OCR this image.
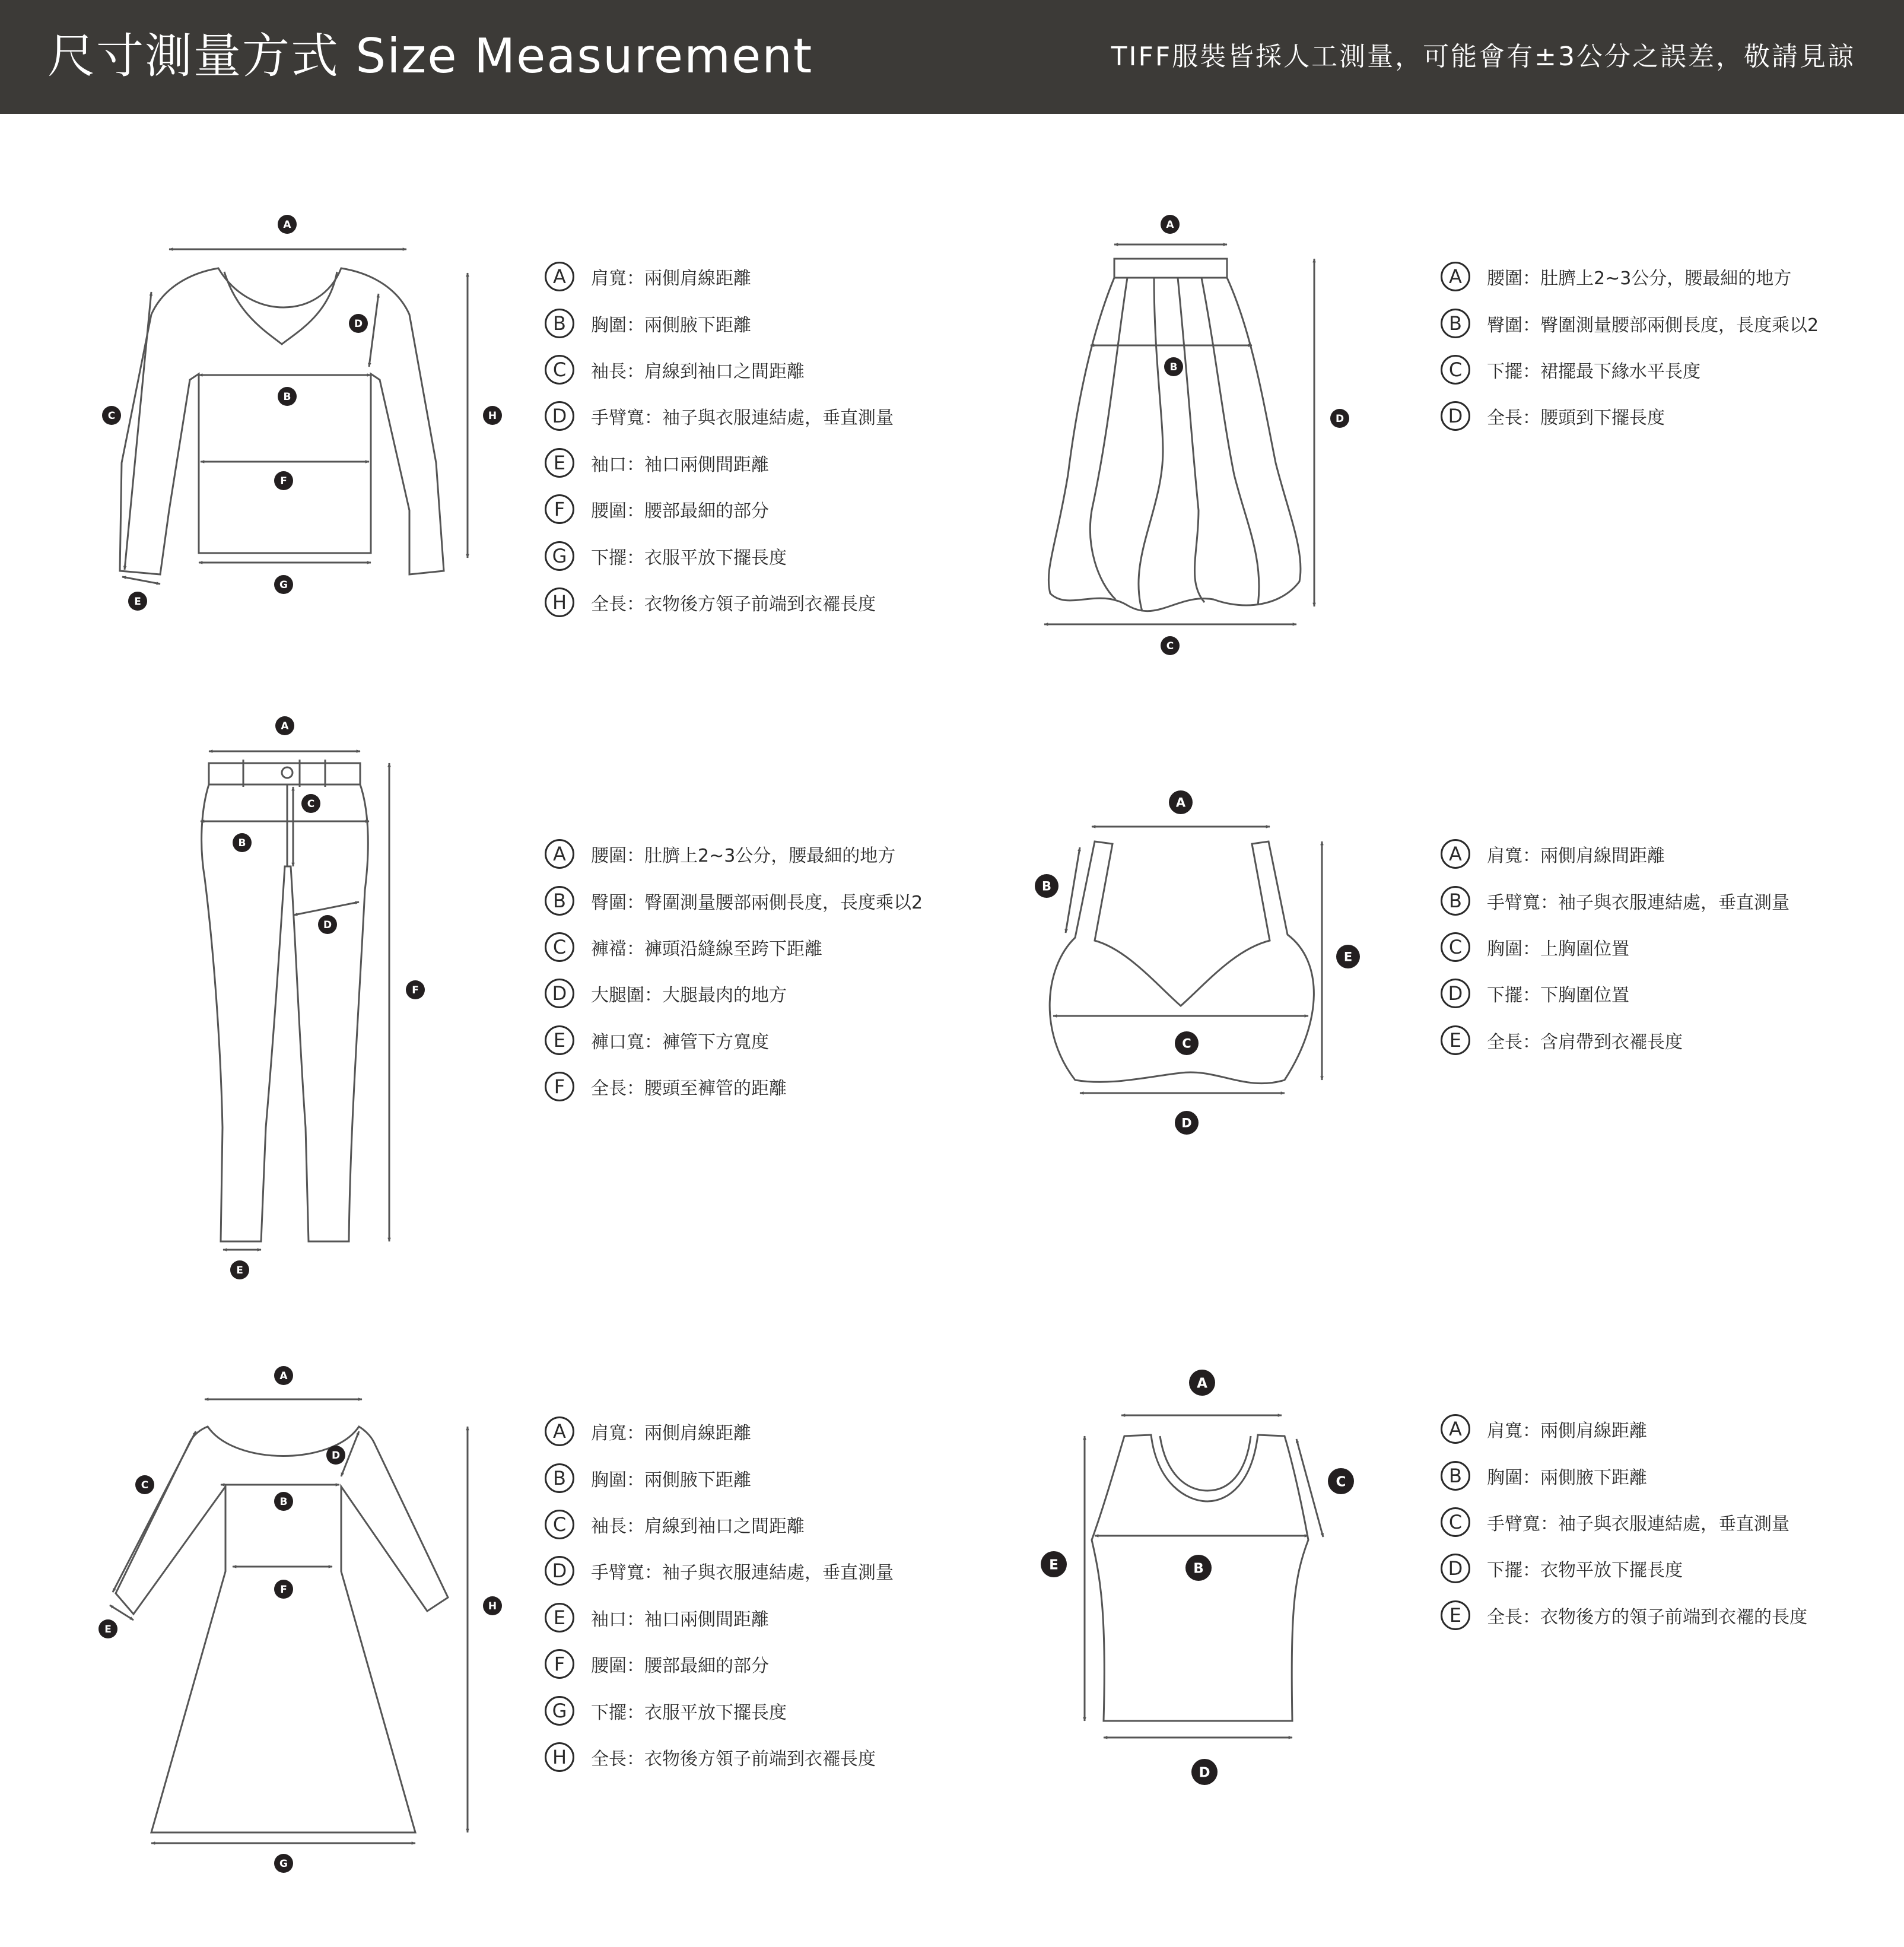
尺寸測量方式 Size Measurement	TIFF服裝皆採人工測量，可能會有±3公分之誤差，敬請見諒
A
B
C
D
E
F
G
H
A
B
C
D
A
B
C
D
E
F
A
B
C
D
E
A
B
C
D
E
F
G
H
A
B
C
D
E
A	肩寬：兩側肩線距離
B	胸圍：兩側腋下距離
C	袖長：肩線到袖口之間距離
D	手臂寬：袖子與衣服連結處，垂直測量
E	袖口：袖口兩側間距離
F	腰圍：腰部最細的部分
G	下擺：衣服平放下擺長度
H	全長：衣物後方領子前端到衣襬長度
A	腰圍：肚臍上2~3公分，腰最細的地方
B	臀圍：臀圍測量腰部兩側長度，長度乘以2
C	下擺：裙擺最下緣水平長度
D	全長：腰頭到下擺長度
A	腰圍：肚臍上2~3公分，腰最細的地方
B	臀圍：臀圍測量腰部兩側長度，長度乘以2
C	褲襠：褲頭沿縫線至跨下距離
D	大腿圍：大腿最肉的地方
E	褲口寬：褲管下方寬度
F	全長：腰頭至褲管的距離
A	肩寬：兩側肩線間距離
B	手臂寬：袖子與衣服連結處，垂直測量
C	胸圍：上胸圍位置
D	下擺：下胸圍位置
E	全長：含肩帶到衣襬長度
A	肩寬：兩側肩線距離
B	胸圍：兩側腋下距離
C	袖長：肩線到袖口之間距離
D	手臂寬：袖子與衣服連結處，垂直測量
E	袖口：袖口兩側間距離
F	腰圍：腰部最細的部分
G	下擺：衣服平放下擺長度
H	全長：衣物後方領子前端到衣襬長度
A	肩寬：兩側肩線距離
B	胸圍：兩側腋下距離
C	手臂寬：袖子與衣服連結處，垂直測量
D	下擺：衣物平放下擺長度
E	全長：衣物後方的領子前端到衣襬的長度
